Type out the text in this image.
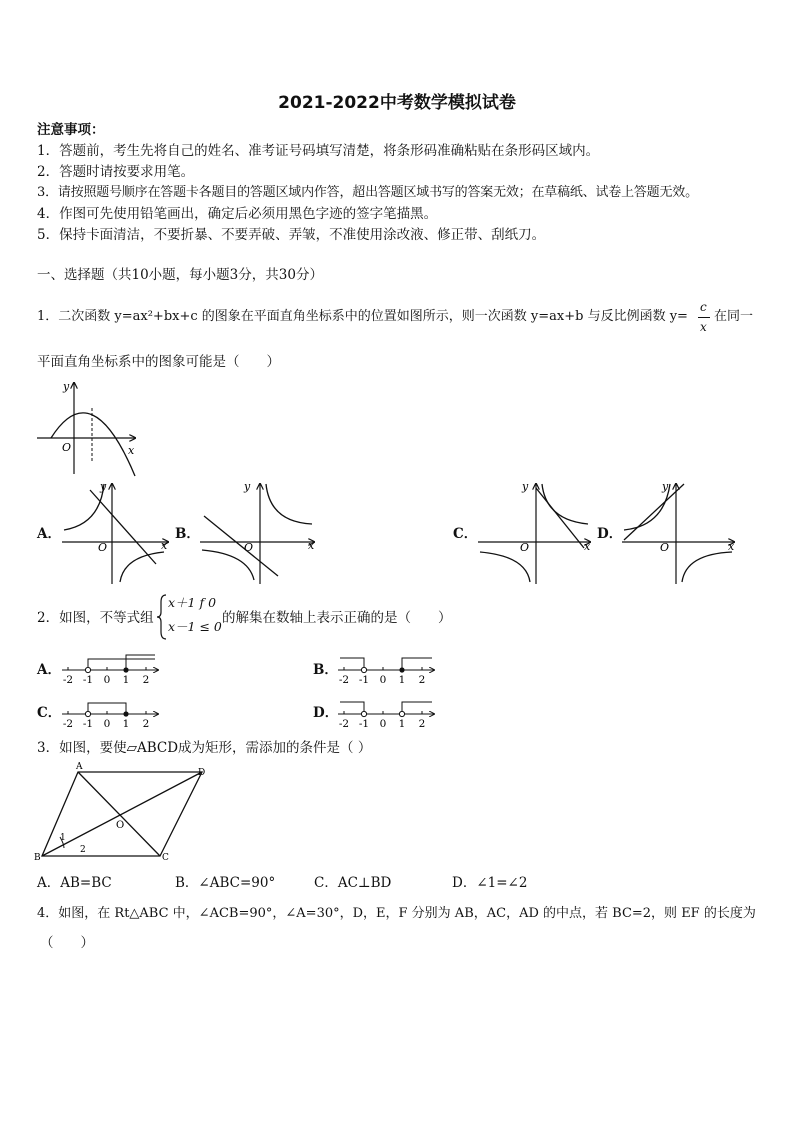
2021-2022中考数学模拟试卷
注意事项：
1．答题前，考生先将自己的姓名、准考证号码填写清楚，将条形码准确粘贴在条形码区域内。
2．答题时请按要求用笔。
3．请按照题号顺序在答题卡各题目的答题区域内作答，超出答题区域书写的答案无效；在草稿纸、试卷上答题无效。
4．作图可先使用铅笔画出，确定后必须用黑色字迹的签字笔描黑。
5．保持卡面清洁，不要折暴、不要弄破、弄皱，不准使用涂改液、修正带、刮纸刀。
一、选择题（共10小题，每小题3分，共30分）
1．二次函数 y=ax²+bx+c 的图象在平面直角坐标系中的位置如图所示，则一次函数 y=ax+b 与反比例函数 y=
c
x
在同一
平面直角坐标系中的图象可能是（　　）
y
x
O
A．	B．	C．	D．
y
x
O
y
x
O
y
x
O
y
x
O
2．如图，不等式组
x＋1 f 0
x－1 ≤ 0
的解集在数轴上表示正确的是（　　）
A．	B．
C．	D．
-2 -1 0 1 2	-2 -1 0 1 2
-2 -1 0 1 2	-2 -1 0 1 2
3．如图，要使▱ABCD成为矩形，需添加的条件是（ ）
A
D
B	C
O
1
2
A．AB=BC	B．∠ABC=90°	C．AC⊥BD	D．∠1=∠2
4．如图，在 Rt△ABC 中，∠ACB=90°，∠A=30°，D，E，F 分别为 AB，AC，AD 的中点，若 BC=2，则 EF 的长度为
（　　）
